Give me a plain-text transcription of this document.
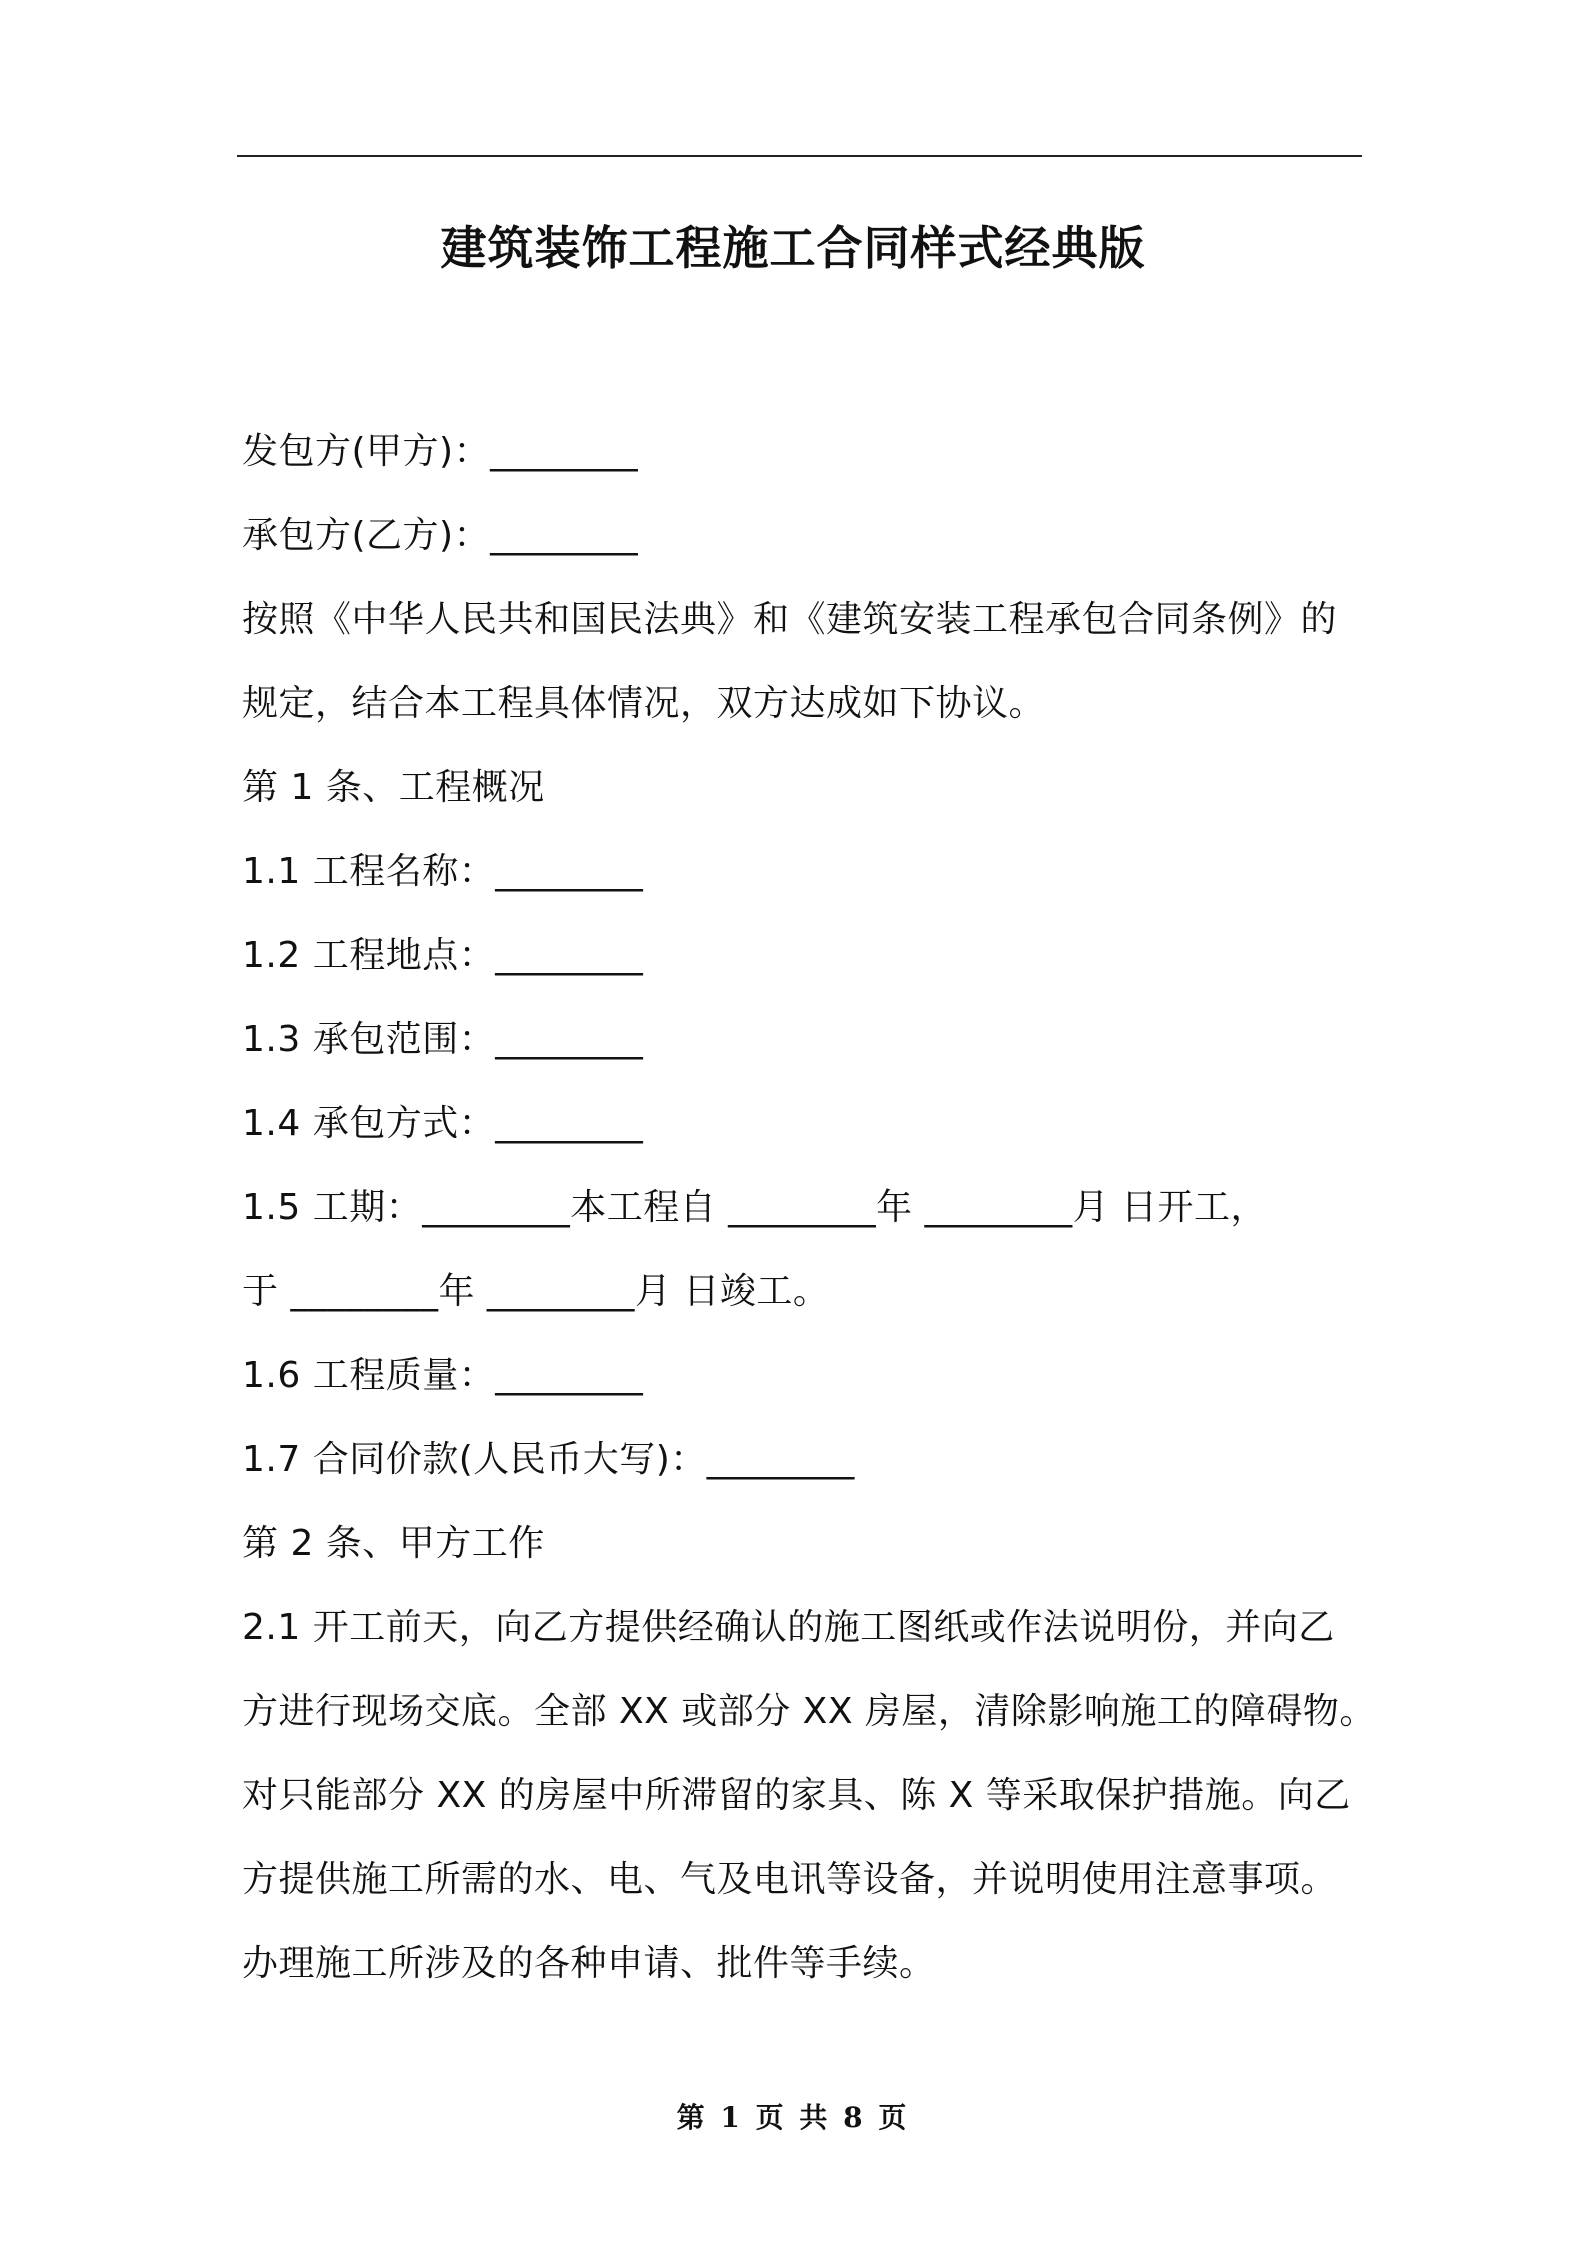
建筑装饰工程施工合同样式经典版
发包方(甲方)：________
承包方(乙方)：________
按照《中华人民共和国民法典》和《建筑安装工程承包合同条例》的
规定，结合本工程具体情况，双方达成如下协议。
第 1 条、工程概况
1.1 工程名称：________
1.2 工程地点：________
1.3 承包范围：________
1.4 承包方式：________
1.5 工期：________本工程自 ________年 ________月 日开工，
于 ________年 ________月 日竣工。
1.6 工程质量：________
1.7 合同价款(人民币大写)：________
第 2 条、甲方工作
2.1 开工前天，向乙方提供经确认的施工图纸或作法说明份，并向乙
方进行现场交底。全部 XX 或部分 XX 房屋，清除影响施工的障碍物。
对只能部分 XX 的房屋中所滞留的家具、陈 X 等采取保护措施。向乙
方提供施工所需的水、电、气及电讯等设备，并说明使用注意事项。
办理施工所涉及的各种申请、批件等手续。
第 1 页 共 8 页
